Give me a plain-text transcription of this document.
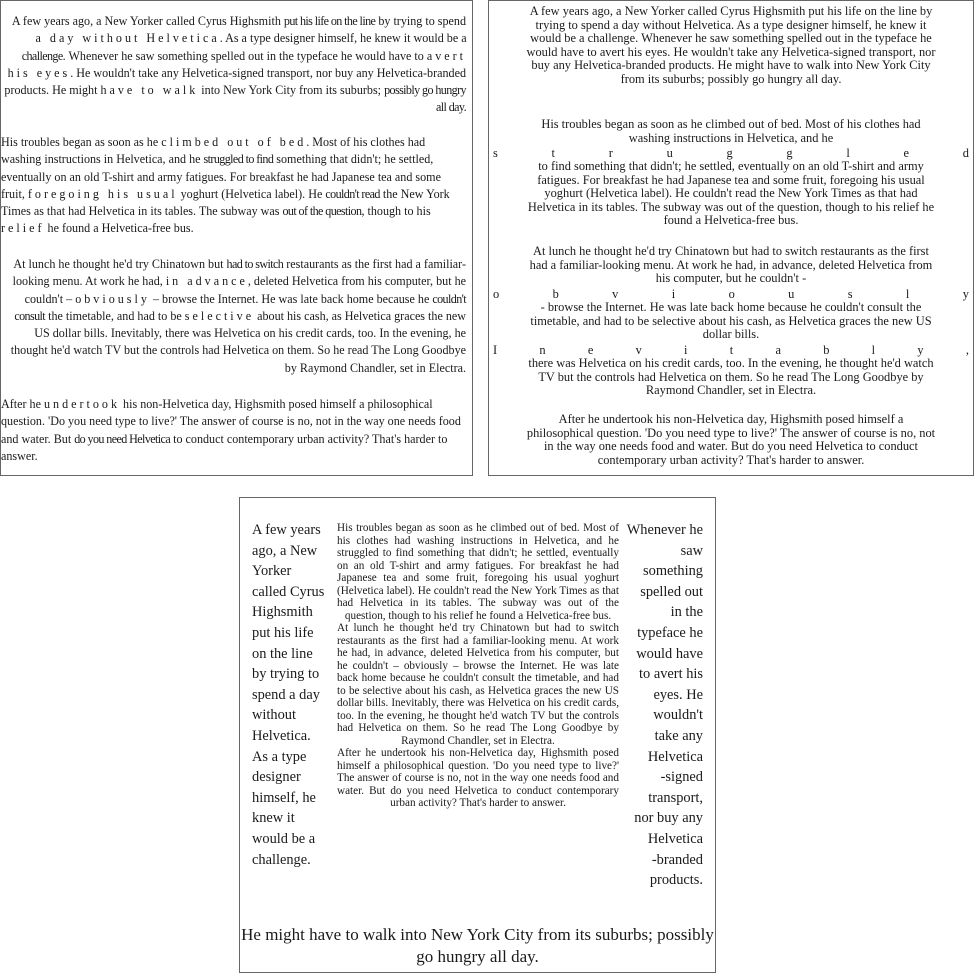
A few years ago, a New Yorker called Cyrus Highsmith put his life on the line by trying to spend a day without Helvetica. As a type designer himself, he knew it would be a challenge. Whenever he saw something spelled out in the typeface he would have to avert his eyes. He wouldn't take any Helvetica-signed transport, nor buy any Helvetica-branded products. He might have to walk into New York City from its suburbs; possibly go hungry all day.

His troubles began as soon as he climbed out of bed. Most of his clothes had washing instructions in Helvetica, and he struggled to find something that didn't; he settled, eventually on an old T-shirt and army fatigues. For breakfast he had Japanese tea and some fruit, foregoing his usual yoghurt (Helvetica label). He couldn't read the New York Times as that had Helvetica in its tables. The subway was out of the question, though to his relief he found a Helvetica-free bus.

At lunch he thought he'd try Chinatown but had to switch restaurants as the first had a familiar-looking menu. At work he had, in advance, deleted Helvetica from his computer, but he couldn't – obviously – browse the Internet. He was late back home because he couldn't consult the timetable, and had to be selective about his cash, as Helvetica graces the new US dollar bills. Inevitably, there was Helvetica on his credit cards, too. In the evening, he thought he'd watch TV but the controls had Helvetica on them. So he read The Long Goodbye by Raymond Chandler, set in Electra.

After he undertook his non-Helvetica day, Highsmith posed himself a philosophical question. 'Do you need type to live?' The answer of course is no, not in the way one needs food and water. But do you need Helvetica to conduct contemporary urban activity? That's harder to answer.

A few years ago, a New Yorker called Cyrus Highsmith put his life on the line by trying to spend a day without Helvetica. As a type designer himself, he knew it would be a challenge. Whenever he saw something spelled out in the typeface he would have to avert his eyes. He wouldn't take any Helvetica-signed transport, nor buy any Helvetica-branded products. He might have to walk into New York City from its suburbs; possibly go hungry all day.

His troubles began as soon as he climbed out of bed. Most of his clothes had washing instructions in Helvetica, and he

s	t	r	u	g	g	l	e	d

to find something that didn't; he settled, eventually on an old T-shirt and army fatigues. For breakfast he had Japanese tea and some fruit, foregoing his usual yoghurt (Helvetica label). He couldn't read the New York Times as that had Helvetica in its tables. The subway was out of the question, though to his relief he found a Helvetica-free bus.

At lunch he thought he'd try Chinatown but had to switch restaurants as the first had a familiar-looking menu. At work he had, in advance, deleted Helvetica from his computer, but he couldn't -

o	b	v	i	o	u	s	l	y

- browse the Internet. He was late back home because he couldn't consult the timetable, and had to be selective about his cash, as Helvetica graces the new US dollar bills.

I	n	e	v	i	t	a	b	l	y	,

there was Helvetica on his credit cards, too. In the evening, he thought he'd watch TV but the controls had Helvetica on them. So he read The Long Goodbye by Raymond Chandler, set in Electra.

After he undertook his non-Helvetica day, Highsmith posed himself a philosophical question. 'Do you need type to live?' The answer of course is no, not in the way one needs food and water. But do you need Helvetica to conduct contemporary urban activity? That's harder to answer.

A few years
ago, a New
Yorker
called Cyrus
Highsmith
put his life
on the line
by trying to
spend a day
without
Helvetica.
As a type
designer
himself, he
knew it
would be a
challenge.

His troubles began as soon as he climbed out of bed. Most of his clothes had washing instructions in Helvetica, and he struggled to find something that didn't; he settled, eventually on an old T-shirt and army fatigues. For breakfast he had Japanese tea and some fruit, foregoing his usual yoghurt (Helvetica label). He couldn't read the New York Times as that had Helvetica in its tables. The subway was out of the question, though to his relief he found a Helvetica-free bus.

At lunch he thought he'd try Chinatown but had to switch restaurants as the first had a familiar-looking menu. At work he had, in advance, deleted Helvetica from his computer, but he couldn't – obviously – browse the Internet. He was late back home because he couldn't consult the timetable, and had to be selective about his cash, as Helvetica graces the new US dollar bills. Inevitably, there was Helvetica on his credit cards, too. In the evening, he thought he'd watch TV but the controls had Helvetica on them. So he read The Long Goodbye by Raymond Chandler, set in Electra.

After he undertook his non-Helvetica day, Highsmith posed himself a philosophical question. 'Do you need type to live?' The answer of course is no, not in the way one needs food and water. But do you need Helvetica to conduct contemporary urban activity? That's harder to answer.

Whenever he
saw
something
spelled out
in the
typeface he
would have
to avert his
eyes. He
wouldn't
take any
Helvetica
-signed
transport,
nor buy any
Helvetica
-branded
products.

He might have to walk into New York City from its suburbs; possibly go hungry all day.
